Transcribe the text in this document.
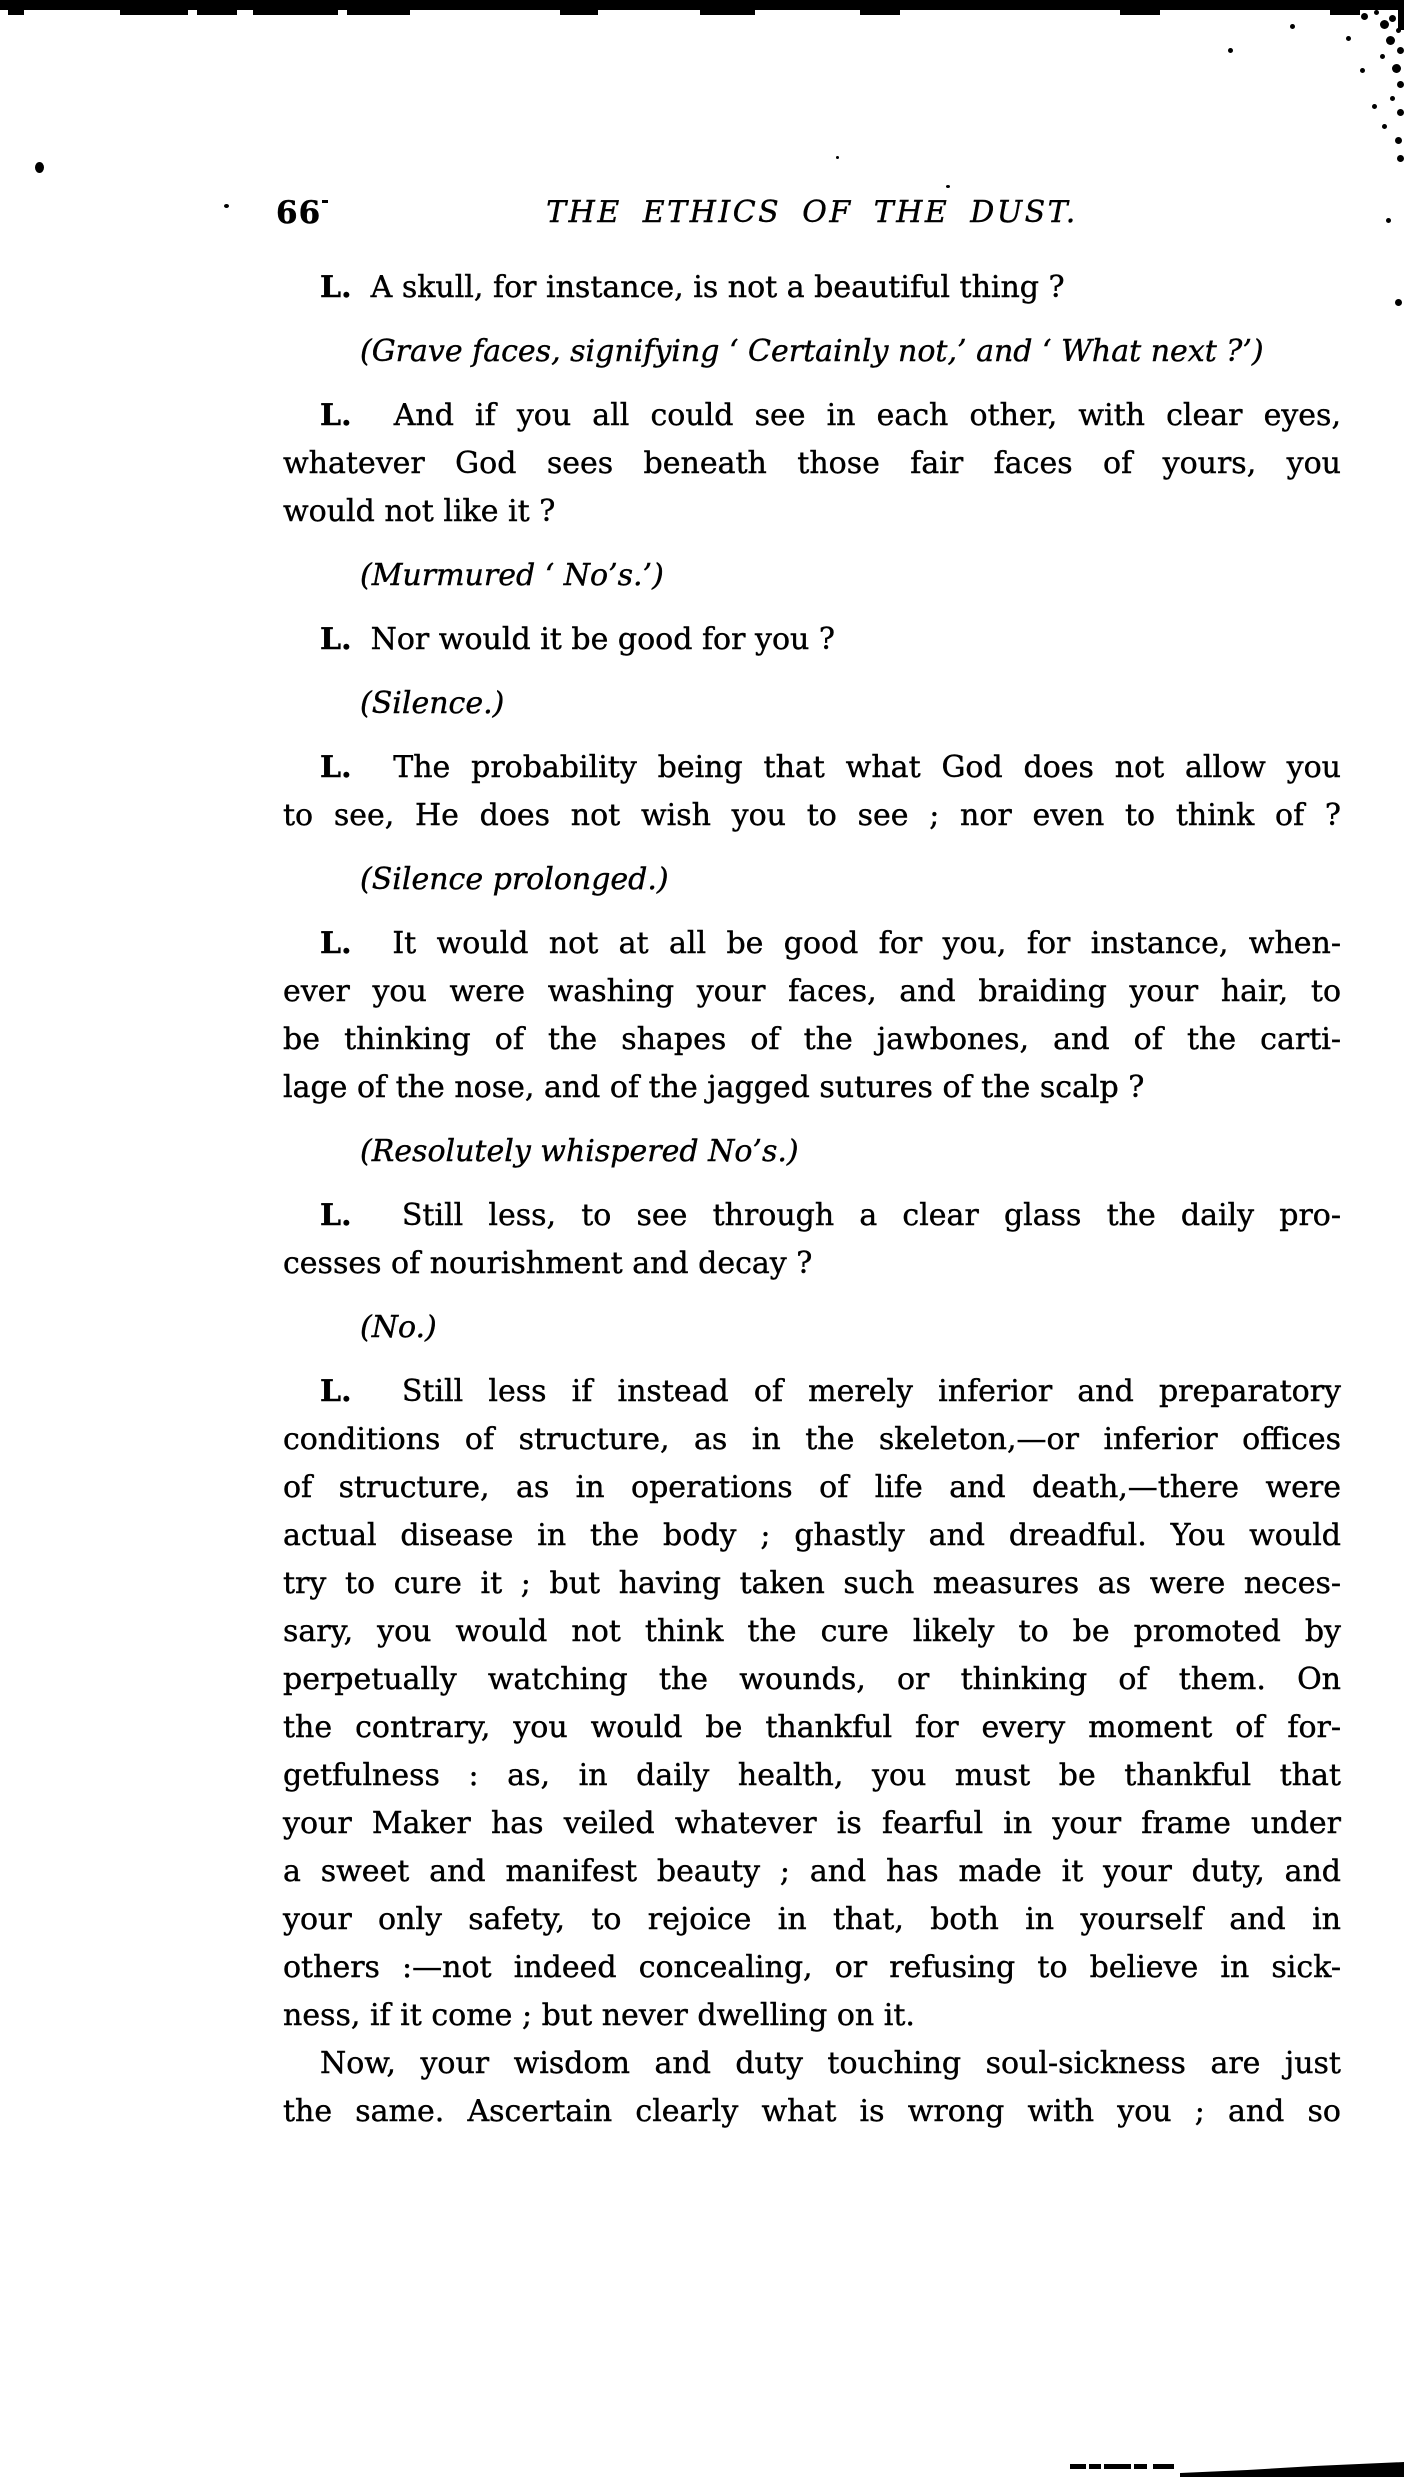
66	THE ETHICS OF THE DUST.
L.  A skull, for instance, is not a beautiful thing ?
(Grave faces, signifying ‘ Certainly not,’ and ‘ What next ?’)
L.  And if you all could see in each other, with clear eyes,
whatever God sees beneath those fair faces of yours, you
would not like it ?
(Murmured ‘ No’s.’)
L.  Nor would it be good for you ?
(Silence.)
L.  The probability being that what God does not allow you
to see, He does not wish you to see ; nor even to think of ?
(Silence prolonged.)
L.  It would not at all be good for you, for instance, when-
ever you were washing your faces, and braiding your hair, to
be thinking of the shapes of the jawbones, and of the carti-
lage of the nose, and of the jagged sutures of the scalp ?
(Resolutely whispered No’s.)
L.  Still less, to see through a clear glass the daily pro-
cesses of nourishment and decay ?
(No.)
L.  Still less if instead of merely inferior and preparatory
conditions of structure, as in the skeleton,—or inferior offices
of structure, as in operations of life and death,—there were
actual disease in the body ; ghastly and dreadful. You would
try to cure it ; but having taken such measures as were neces-
sary, you would not think the cure likely to be promoted by
perpetually watching the wounds, or thinking of them. On
the contrary, you would be thankful for every moment of for-
getfulness : as, in daily health, you must be thankful that
your Maker has veiled whatever is fearful in your frame under
a sweet and manifest beauty ; and has made it your duty, and
your only safety, to rejoice in that, both in yourself and in
others :—not indeed concealing, or refusing to believe in sick-
ness, if it come ; but never dwelling on it.
Now, your wisdom and duty touching soul-sickness are just
the same. Ascertain clearly what is wrong with you ; and so
